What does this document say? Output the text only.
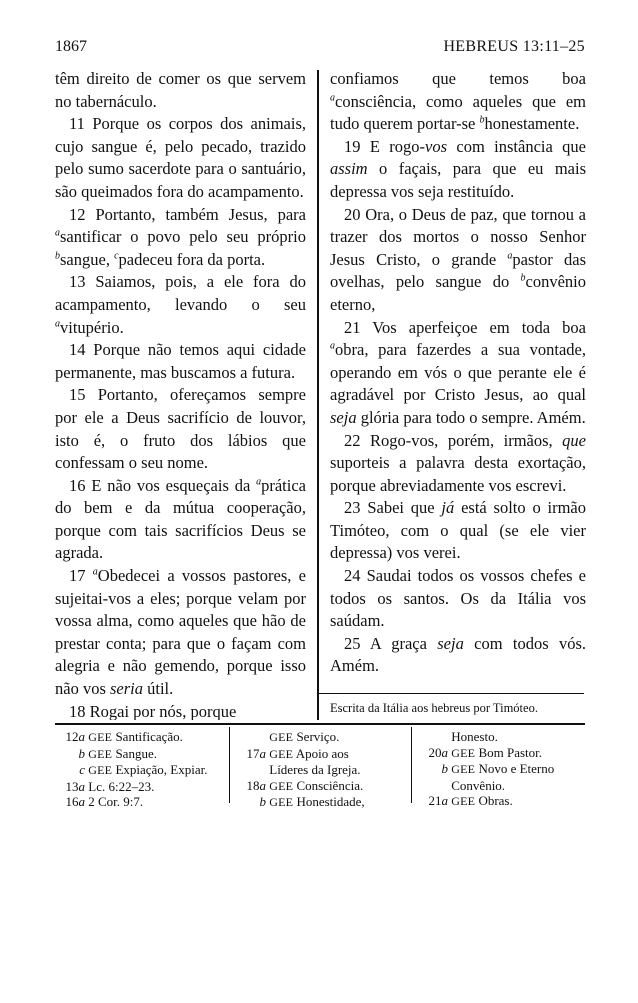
1867	HEBREUS 13:11–25

têm direito de comer os que servem no tabernáculo.

11 Porque os corpos dos animais, cujo sangue é, pelo pecado, trazido pelo sumo sacerdote para o santuário, são queimados fora do acampamento.

12 Portanto, também Jesus, para $^a$santificar o povo pelo seu próprio $^b$sangue, $^c$padeceu fora da porta.

13 Saiamos, pois, a ele fora do acampamento, levando o seu $^a$vitupério.

14 Porque não temos aqui cidade permanente, mas buscamos a futura.

15 Portanto, ofereçamos sempre por ele a Deus sacrifício de louvor, isto é, o fruto dos lábios que confessam o seu nome.

16 E não vos esqueçais da $^a$prática do bem e da mútua cooperação, porque com tais sacrifícios Deus se agrada.

17 $^a$Obedecei a vossos pastores, e sujeitai-vos a eles; porque velam por vossa alma, como aqueles que hão de prestar conta; para que o façam com alegria e não gemendo, porque isso não vos seria útil.

18 Rogai por nós, porque

confiamos que temos boa $^a$consciência, como aqueles que em tudo querem portar-se $^b$honestamente.

19 E rogo-vos com instância que assim o façais, para que eu mais depressa vos seja restituído.

20 Ora, o Deus de paz, que tornou a trazer dos mortos o nosso Senhor Jesus Cristo, o grande $^a$pastor das ovelhas, pelo sangue do $^b$convênio eterno,

21 Vos aperfeiçoe em toda boa $^a$obra, para fazerdes a sua vontade, operando em vós o que perante ele é agradável por Cristo Jesus, ao qual seja glória para todo o sempre. Amém.

22 Rogo-vos, porém, irmãos, que suporteis a palavra desta exortação, porque abreviadamente vos escrevi.

23 Sabei que já está solto o irmão Timóteo, com o qual (se ele vier depressa) vos verei.

24 Saudai todos os vossos chefes e todos os santos. Os da Itália vos saúdam.

25 A graça seja com todos vós. Amém.

Escrita da Itália aos hebreus por Timóteo.
12a GEE Santificação.
b GEE Sangue.
c GEE Expiação, Expiar.
13a Lc. 6:22–23.
16a 2 Cor. 9:7.
GEE Serviço.
17a GEE Apoio aos
Líderes da Igreja.
18a GEE Consciência.
b GEE Honestidade,
Honesto.
20a GEE Bom Pastor.
b GEE Novo e Eterno
Convênio.
21a GEE Obras.
